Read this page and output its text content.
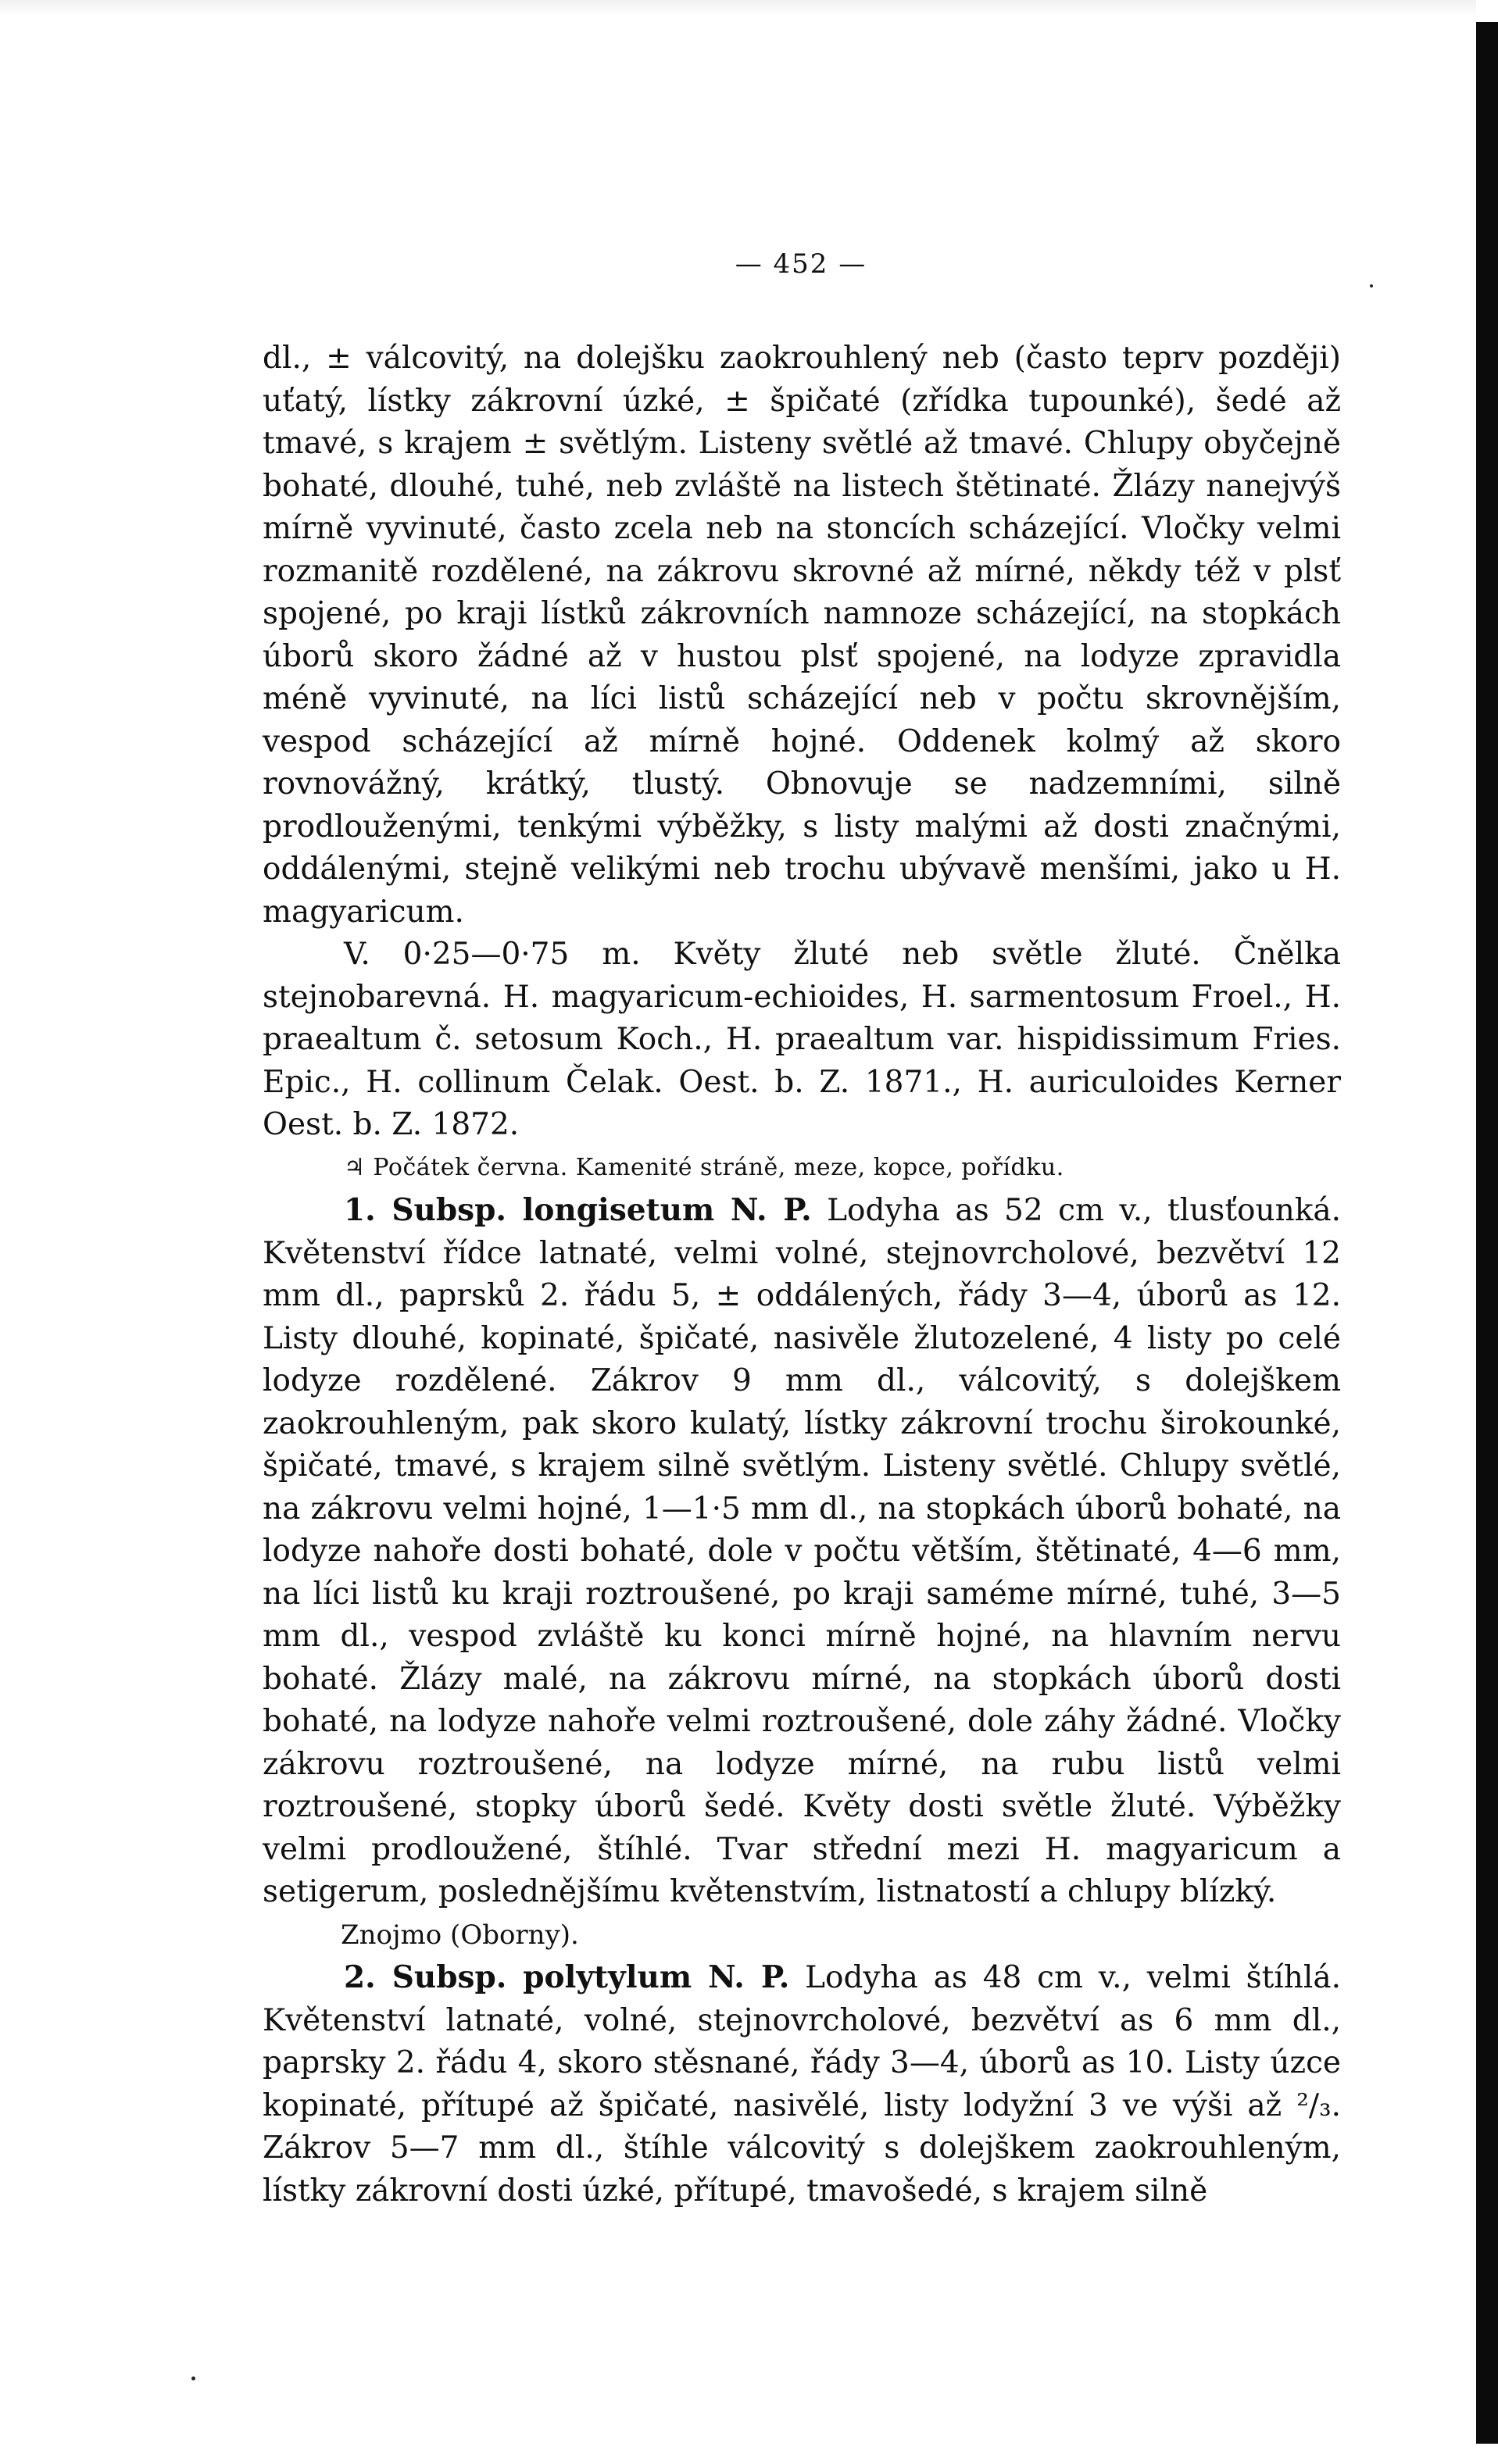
— 452 —

dl., ± válcovitý, na dolejšku zaokrouhlený neb (často teprv později) uťatý, lístky zákrovní úzké, ± špičaté (zřídka tupounké), šedé až tmavé, s krajem ± světlým. Listeny světlé až tmavé. Chlupy obyčejně bohaté, dlouhé, tuhé, neb zvláště na listech štětinaté. Žlázy nanejvýš mírně vyvinuté, často zcela neb na stoncích scházející. Vločky velmi rozmanitě rozdělené, na zákrovu skrovné až mírné, někdy též v plsť spojené, po kraji lístků zákrovních namnoze scházející, na stopkách úborů skoro žádné až v hustou plsť spojené, na lodyze zpravidla méně vyvinuté, na líci listů scházející neb v počtu skrovnějším, vespod scházející až mírně hojné. Oddenek kolmý až skoro rovnovážný, krátký, tlustý. Obnovuje se nadzemními, silně prodlouženými, tenkými výběžky, s listy malými až dosti značnými, oddálenými, stejně velikými neb trochu ubývavě menšími, jako u H. magyaricum.

V. 0·25—0·75 m. Květy žluté neb světle žluté. Čnělka stejnobarevná. H. magyaricum-echioides, H. sarmentosum Froel., H. praealtum č. setosum Koch., H. praealtum var. hispidissimum Fries. Epic., H. collinum Čelak. Oest. b. Z. 1871., H. auriculoides Kerner Oest. b. Z. 1872.

♃ Počátek června. Kamenité stráně, meze, kopce, pořídku.

1. Subsp. longisetum N. P. Lodyha as 52 cm v., tlusťounká. Květenství řídce latnaté, velmi volné, stejnovrcholové, bezvětví 12 mm dl., paprsků 2. řádu 5, ± oddálených, řády 3—4, úborů as 12. Listy dlouhé, kopinaté, špičaté, nasivěle žlutozelené, 4 listy po celé lodyze rozdělené. Zákrov 9 mm dl., válcovitý, s dolejškem zaokrouhleným, pak skoro kulatý, lístky zákrovní trochu širokounké, špičaté, tmavé, s krajem silně světlým. Listeny světlé. Chlupy světlé, na zákrovu velmi hojné, 1—1·5 mm dl., na stopkách úborů bohaté, na lodyze nahoře dosti bohaté, dole v počtu větším, štětinaté, 4—6 mm, na líci listů ku kraji roztroušené, po kraji saméme mírné, tuhé, 3—5 mm dl., vespod zvláště ku konci mírně hojné, na hlavním nervu bohaté. Žlázy malé, na zákrovu mírné, na stopkách úborů dosti bohaté, na lodyze nahoře velmi roztroušené, dole záhy žádné. Vločky zákrovu roztroušené, na lodyze mírné, na rubu listů velmi roztroušené, stopky úborů šedé. Květy dosti světle žluté. Výběžky velmi prodloužené, štíhlé. Tvar střední mezi H. magyaricum a setigerum, poslednějšímu květenstvím, listnatostí a chlupy blízký.

Znojmo (Oborny).

2. Subsp. polytylum N. P. Lodyha as 48 cm v., velmi štíhlá. Květenství latnaté, volné, stejnovrcholové, bezvětví as 6 mm dl., paprsky 2. řádu 4, skoro stěsnané, řády 3—4, úborů as 10. Listy úzce kopinaté, přítupé až špičaté, nasivělé, listy lodyžní 3 ve výši až ²/₃. Zákrov 5—7 mm dl., štíhle válcovitý s dolejškem zaokrouhleným, lístky zákrovní dosti úzké, přítupé, tmavošedé, s krajem silně
